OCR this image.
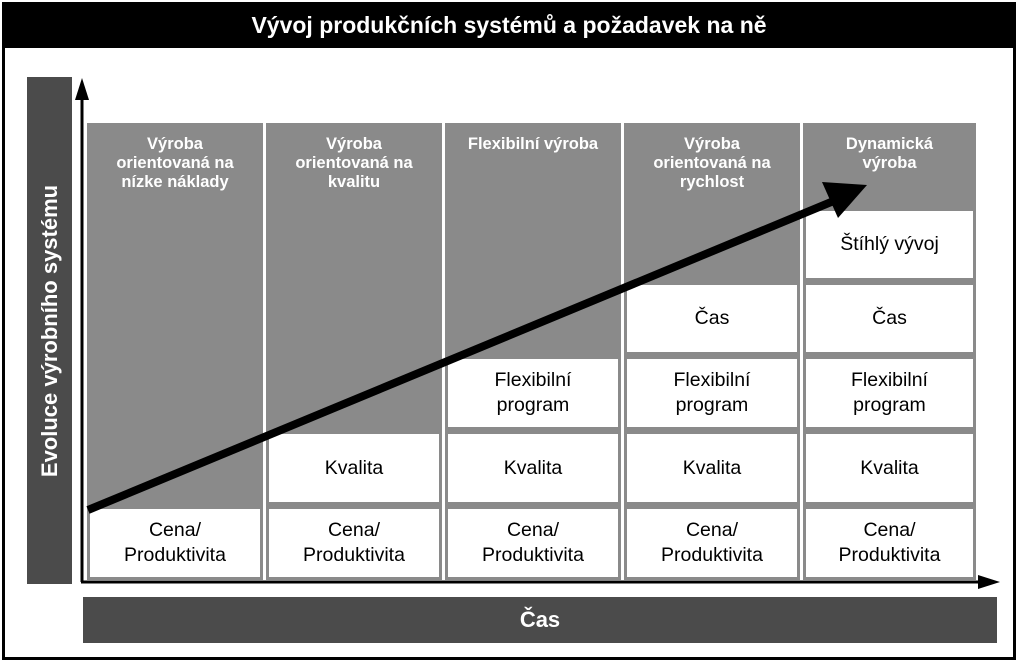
Vývoj produkčních systémů a požadavek na ně
Evoluce výrobního systému
Čas
Výroba
orientovaná na
nízke náklady
Cena/
Produktivita
Výroba
orientovaná na
kvalitu
Kvalita
Cena/
Produktivita
Flexibilní výroba
Flexibilní
program
Kvalita
Cena/
Produktivita
Výroba
orientovaná na
rychlost
Čas
Flexibilní
program
Kvalita
Cena/
Produktivita
Dynamická
výroba
Štíhlý vývoj
Čas
Flexibilní
program
Kvalita
Cena/
Produktivita
